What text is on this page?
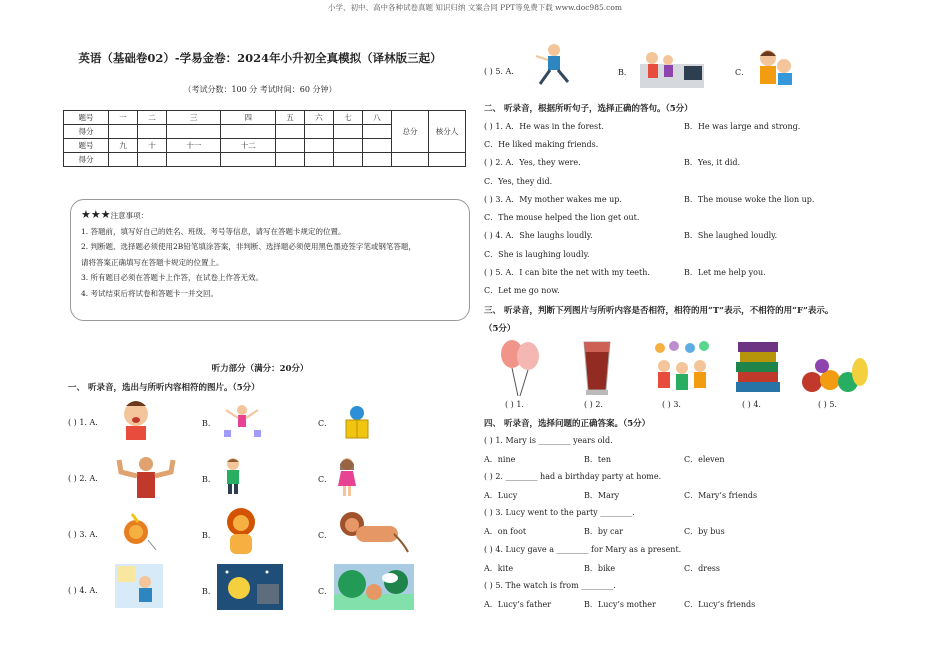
小学、初中、高中各种试卷真题 知识归纳 文案合同 PPT等免费下载 www.doc985.com
英语（基础卷02）-学易金卷：2024年小升初全真模拟（译林版三起）
（考试分数：100 分 考试时间：60 分钟）
题号	一	二	三	四	五	六	七	八	总分	核分人
得分										
题号	九	十	十一	十二						
得分										
★★★注意事项：
1. 答题前，填写好自己的姓名、班级、考号等信息，请写在答题卡规定的位置。
2. 判断题、选择题必须使用2B铅笔填涂答案，非判断、选择题必须使用黑色墨迹签字笔或钢笔答题，
请将答案正确填写在答题卡规定的位置上。
3. 所有题目必须在答题卡上作答，在试卷上作答无效。
4. 考试结束后将试卷和答题卡一并交回。
听力部分（满分：20分）
一、 听录音，选出与所听内容相符的图片。（5分）
( ) 1. A.	B．	C．
( ) 2. A.	B．	C．
( ) 3. A.	B．	C．
( ) 4. A.	B．	C．
( ) 5. A.	B．	C．
二、 听录音，根据所听句子，选择正确的答句。（5分）
( ) 1. A．He was in the forest.	B．He was large and strong.
C．He liked making friends.
( ) 2. A．Yes, they were.	B．Yes, it did.
C．Yes, they did.
( ) 3. A．My mother wakes me up.	B．The mouse woke the lion up.
C．The mouse helped the lion get out.
( ) 4. A．She laughs loudly.	B．She laughed loudly.
C．She is laughing loudly.
( ) 5. A．I can bite the net with my teeth.	B．Let me help you.
C．Let me go now.
三、 听录音，判断下列图片与所听内容是否相符，相符的用“T”表示，不相符的用“F”表示。
（5分）
( ) 1.	( ) 2.	( ) 3.	( ) 4.	( ) 5.
四、 听录音，选择问题的正确答案。（5分）
( ) 1. Mary is ________ years old.
A．nine	B．ten	C．eleven
( ) 2. ________ had a birthday party at home.
A．Lucy	B．Mary	C．Mary’s friends
( ) 3. Lucy went to the party ________.
A．on foot	B．by car	C．by bus
( ) 4. Lucy gave a ________ for Mary as a present.
A．kite	B．bike	C．dress
( ) 5. The watch is from ________.
A．Lucy’s father	B．Lucy’s mother	C．Lucy’s friends
